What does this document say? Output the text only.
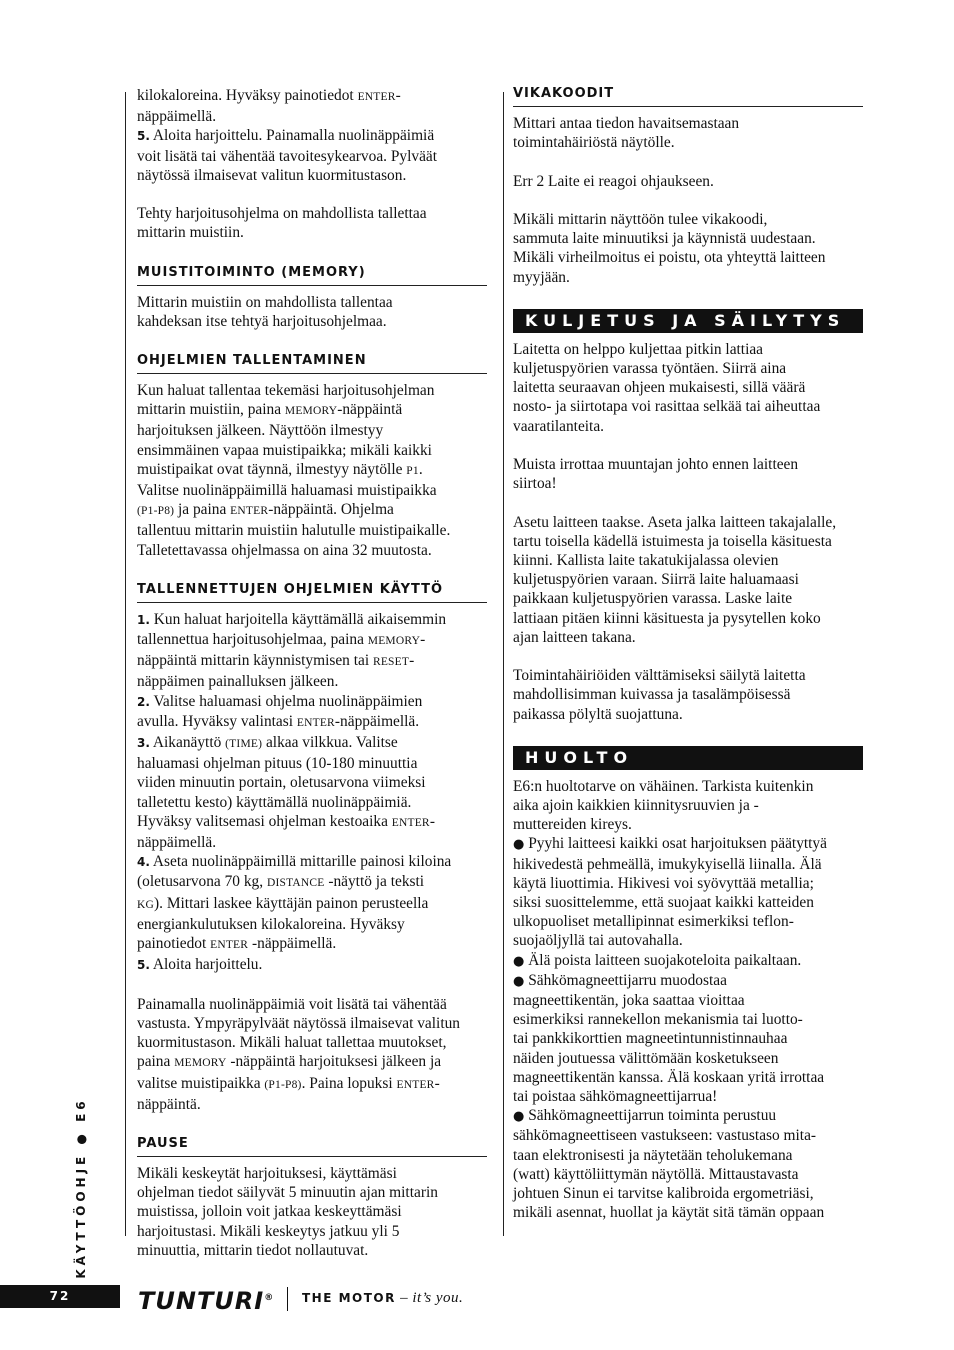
kilokaloreina. Hyväksy painotiedot ENTER-
näppäimellä.
5. Aloita harjoittelu. Painamalla nuolinäppäimiä
voit lisätä tai vähentää tavoitesykearvoa. Pylväät
näytössä ilmaisevat valitun kuormitustason.
Tehty harjoitusohjelma on mahdollista tallettaa
mittarin muistiin.
MUISTITOIMINTO (MEMORY)
Mittarin muistiin on mahdollista tallentaa
kahdeksan itse tehtyä harjoitusohjelmaa.
OHJELMIEN TALLENTAMINEN
Kun haluat tallentaa tekemäsi harjoitusohjelman
mittarin muistiin, paina MEMORY-näppäintä
harjoituksen jälkeen. Näyttöön ilmestyy
ensimmäinen vapaa muistipaikka; mikäli kaikki
muistipaikat ovat täynnä, ilmestyy näytölle P1.
Valitse nuolinäppäimillä haluamasi muistipaikka
(P1-P8) ja paina ENTER-näppäintä. Ohjelma
tallentuu mittarin muistiin halutulle muistipaikalle.
Talletettavassa ohjelmassa on aina 32 muutosta.
TALLENNETTUJEN OHJELMIEN KÄYTTÖ
1. Kun haluat harjoitella käyttämällä aikaisemmin
tallennettua harjoitusohjelmaa, paina MEMORY-
näppäintä mittarin käynnistymisen tai RESET-
näppäimen painalluksen jälkeen.
2. Valitse haluamasi ohjelma nuolinäppäimien
avulla. Hyväksy valintasi ENTER-näppäimellä.
3. Aikanäyttö (TIME) alkaa vilkkua. Valitse
haluamasi ohjelman pituus (10-180 minuuttia
viiden minuutin portain, oletusarvona viimeksi
talletettu kesto) käyttämällä nuolinäppäimiä.
Hyväksy valitsemasi ohjelman kestoaika ENTER-
näppäimellä.
4. Aseta nuolinäppäimillä mittarille painosi kiloina
(oletusarvona 70 kg, DISTANCE -näyttö ja teksti
KG). Mittari laskee käyttäjän painon perusteella
energiankulutuksen kilokaloreina. Hyväksy
painotiedot ENTER -näppäimellä.
5. Aloita harjoittelu.
Painamalla nuolinäppäimiä voit lisätä tai vähentää
vastusta. Ympyräpylväät näytössä ilmaisevat valitun
kuormitustason. Mikäli haluat tallettaa muutokset,
paina MEMORY -näppäintä harjoituksesi jälkeen ja
valitse muistipaikka (P1-P8). Paina lopuksi ENTER-
näppäintä.
PAUSE
Mikäli keskeytät harjoituksesi, käyttämäsi
ohjelman tiedot säilyvät 5 minuutin ajan mittarin
muistissa, jolloin voit jatkaa keskeyttämäsi
harjoitustasi. Mikäli keskeytys jatkuu yli 5
minuuttia, mittarin tiedot nollautuvat.
VIKAKOODIT
Mittari antaa tiedon havaitsemastaan
toimintahäiriöstä näytölle.
Err 2 Laite ei reagoi ohjaukseen.
Mikäli mittarin näyttöön tulee vikakoodi,
sammuta laite minuutiksi ja käynnistä uudestaan.
Mikäli virheilmoitus ei poistu, ota yhteyttä laitteen
myyjään.
KULJETUS JA SÄILYTYS
Laitetta on helppo kuljettaa pitkin lattiaa
kuljetuspyörien varassa työntäen. Siirrä aina
laitetta seuraavan ohjeen mukaisesti, sillä väärä
nosto- ja siirtotapa voi rasittaa selkää tai aiheuttaa
vaaratilanteita.
Muista irrottaa muuntajan johto ennen laitteen
siirtoa!
Asetu laitteen taakse. Aseta jalka laitteen takajalalle,
tartu toisella kädellä istuimesta ja toisella käsituesta
kiinni. Kallista laite takatukijalassa olevien
kuljetuspyörien varaan. Siirrä laite haluamaasi
paikkaan kuljetuspyörien varassa. Laske laite
lattiaan pitäen kiinni käsituesta ja pysytellen koko
ajan laitteen takana.
Toimintahäiriöiden välttämiseksi säilytä laitetta
mahdollisimman kuivassa ja tasalämpöisessä
paikassa pölyltä suojattuna.
HUOLTO
E6:n huoltotarve on vähäinen. Tarkista kuitenkin
aika ajoin kaikkien kiinnitysruuvien ja -
muttereiden kireys.
● Pyyhi laitteesi kaikki osat harjoituksen päätyttyä
hikivedestä pehmeällä, imukykyisellä liinalla. Älä
käytä liuottimia. Hikivesi voi syövyttää metallia;
siksi suosittelemme, että suojaat kaikki katteiden
ulkopuoliset metallipinnat esimerkiksi teflon-
suojaöljyllä tai autovahalla.
● Älä poista laitteen suojakoteloita paikaltaan.
● Sähkömagneettijarru muodostaa
magneettikentän, joka saattaa vioittaa
esimerkiksi rannekellon mekanismia tai luotto-
tai pankkikorttien magneetintunnistinnauhaa
näiden joutuessa välittömään kosketukseen
magneettikentän kanssa. Älä koskaan yritä irrottaa
tai poistaa sähkömagneettijarrua!
● Sähkömagneettijarrun toiminta perustuu
sähkömagneettiseen vastukseen: vastustaso mita-
taan elektronisesti ja näytetään teholukemana
(watt) käyttöliittymän näytöllä. Mittaustavasta
johtuen Sinun ei tarvitse kalibroida ergometriäsi,
mikäli asennat, huollat ja käytät sitä tämän oppaan
KÄYTTÖOHJE ● E6
72	TUNTURI® THE MOTOR – it’s you.
